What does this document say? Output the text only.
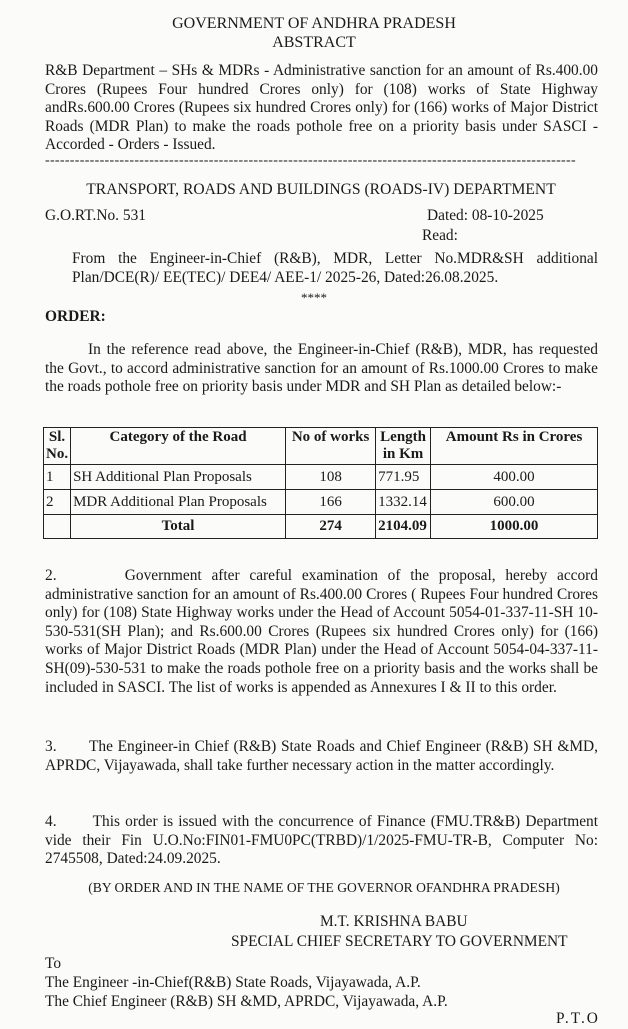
GOVERNMENT OF ANDHRA PRADESH
ABSTRACT
R&B Department – SHs & MDRs - Administrative sanction for an amount of Rs.400.00 Crores (Rupees Four hundred Crores only) for (108) works of State Highway andRs.600.00 Crores (Rupees six hundred Crores only) for (166) works of Major District Roads (MDR Plan) to make the roads pothole free on a priority basis under SASCI - Accorded - Orders - Issued.
-----------------------------------------------------------------------------------------------------------
TRANSPORT, ROADS AND BUILDINGS (ROADS-IV) DEPARTMENT
G.O.RT.No. 531	Dated: 08-10-2025
Read:
From the Engineer-in-Chief (R&B), MDR, Letter No.MDR&SH additional Plan/DCE(R)/ EE(TEC)/ DEE4/ AEE-1/ 2025-26, Dated:26.08.2025.
****
ORDER:
In the reference read above, the Engineer-in-Chief (R&B), MDR, has requested the Govt., to accord administrative sanction for an amount of Rs.1000.00 Crores to make the roads pothole free on priority basis under MDR and SH Plan as detailed below:-
Sl. No.	Category of the Road	No of works	Length in Km	Amount Rs in Crores
1	SH Additional Plan Proposals	108	771.95	400.00
2	MDR Additional Plan Proposals	166	1332.14	600.00
	Total	274	2104.09	1000.00
2.       Government after careful examination of the proposal, hereby accord administrative sanction for an amount of Rs.400.00 Crores ( Rupees Four hundred Crores only) for (108) State Highway works under the Head of Account 5054-01-337-11-SH 10-530-531(SH Plan); and Rs.600.00 Crores (Rupees six hundred Crores only) for (166) works of Major District Roads (MDR Plan) under the Head of Account 5054-04-337-11-SH(09)-530-531 to make the roads pothole free on a priority basis and the works shall be included in SASCI. The list of works is appended as Annexures I & II to this order.
3.       The Engineer-in Chief (R&B) State Roads and Chief Engineer (R&B) SH &MD, APRDC, Vijayawada, shall take further necessary action in the matter accordingly.
4.       This order is issued with the concurrence of Finance (FMU.TR&B) Department vide their Fin U.O.No:FIN01-FMU0PC(TRBD)/1/2025-FMU-TR-B, Computer No: 2745508, Dated:24.09.2025.
(BY ORDER AND IN THE NAME OF THE GOVERNOR OFANDHRA PRADESH)
M.T. KRISHNA BABU
SPECIAL CHIEF SECRETARY TO GOVERNMENT
To
The Engineer -in-Chief(R&B) State Roads, Vijayawada, A.P.
The Chief Engineer (R&B) SH &MD, APRDC, Vijayawada, A.P.
P.T.O
